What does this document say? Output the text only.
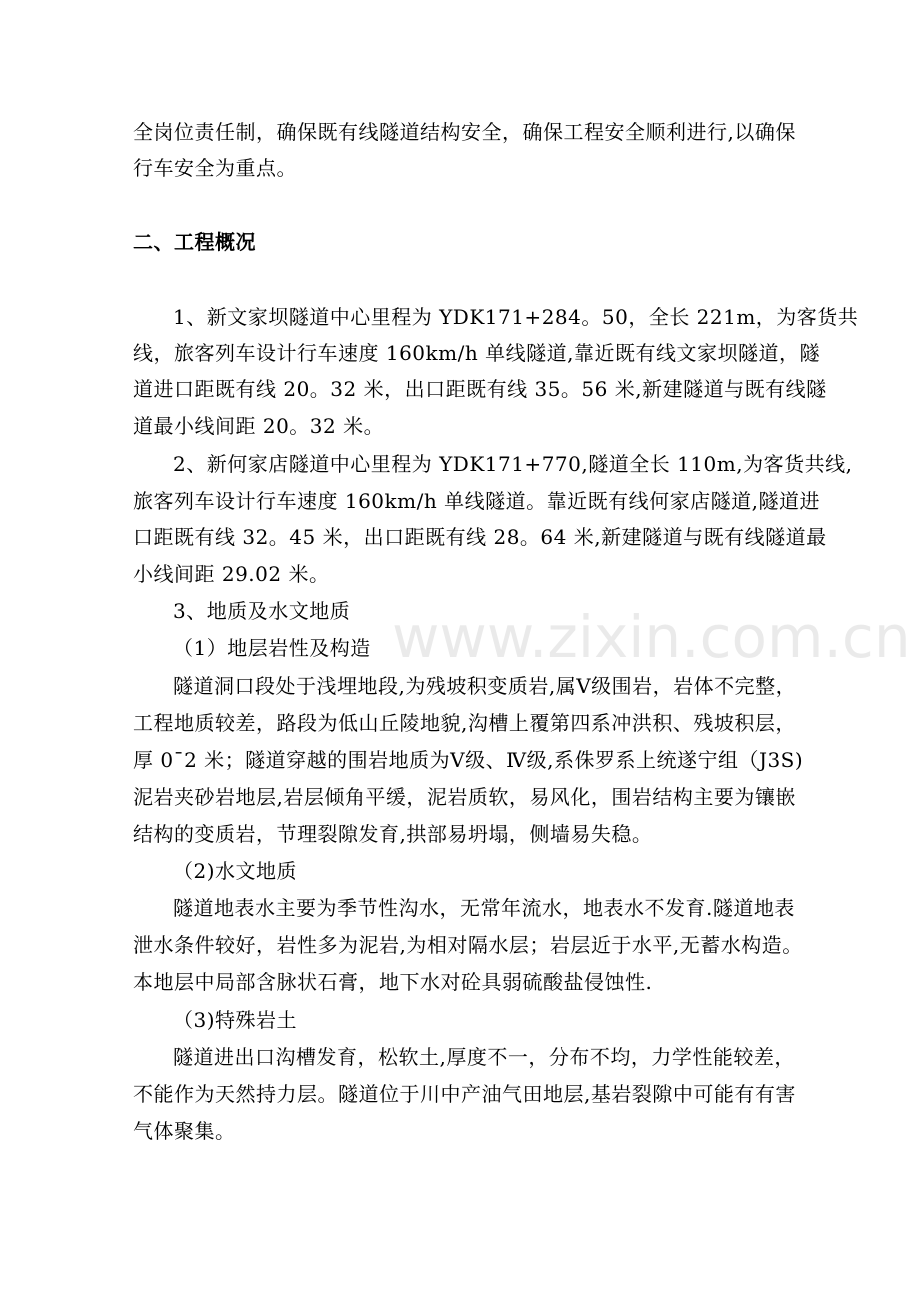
www.zixin.com.cn
全岗位责任制，确保既有线隧道结构安全，确保工程安全顺利进行,以确保
行车安全为重点。
二、工程概况
1、新文家坝隧道中心里程为 YDK171+284。50，全长 221m，为客货共
线，旅客列车设计行车速度 160km/h 单线隧道,靠近既有线文家坝隧道，隧
道进口距既有线 20。32 米，出口距既有线 35。56 米,新建隧道与既有线隧
道最小线间距 20。32 米。
2、新何家店隧道中心里程为 YDK171+770,隧道全长 110m,为客货共线,
旅客列车设计行车速度 160km/h 单线隧道。靠近既有线何家店隧道,隧道进
口距既有线 32。45 米，出口距既有线 28。64 米,新建隧道与既有线隧道最
小线间距 29.02 米。
3、地质及水文地质
（1）地层岩性及构造
隧道洞口段处于浅埋地段,为残坡积变质岩,属Ⅴ级围岩，岩体不完整，
工程地质较差，路段为低山丘陵地貌,沟槽上覆第四系冲洪积、残坡积层，
厚 0¯2 米；隧道穿越的围岩地质为Ⅴ级、Ⅳ级,系侏罗系上统遂宁组（J3S)
泥岩夹砂岩地层,岩层倾角平缓，泥岩质软，易风化，围岩结构主要为镶嵌
结构的变质岩，节理裂隙发育,拱部易坍塌，侧墙易失稳。
（2)水文地质
隧道地表水主要为季节性沟水，无常年流水，地表水不发育.隧道地表
泄水条件较好，岩性多为泥岩,为相对隔水层；岩层近于水平,无蓄水构造。
本地层中局部含脉状石膏，地下水对砼具弱硫酸盐侵蚀性.
（3)特殊岩土
隧道进出口沟槽发育，松软土,厚度不一，分布不均，力学性能较差，
不能作为天然持力层。隧道位于川中产油气田地层,基岩裂隙中可能有有害
气体聚集。
